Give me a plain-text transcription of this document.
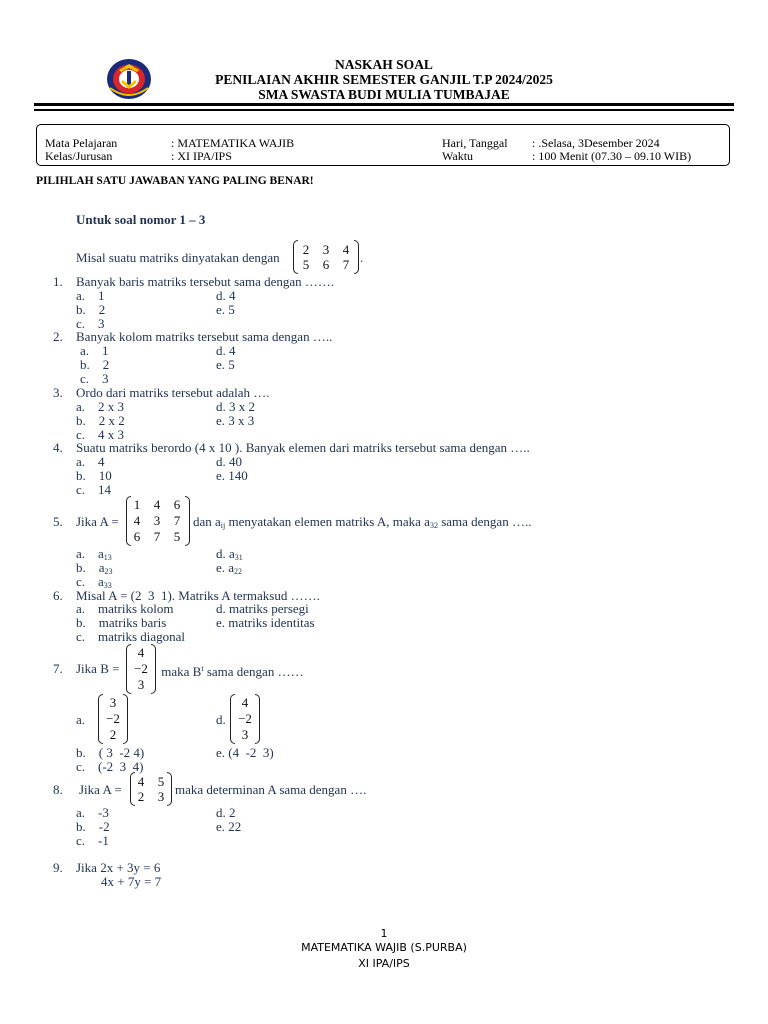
NASKAH SOAL
PENILAIAN AKHIR SEMESTER GANJIL T.P 2024/2025
SMA SWASTA BUDI MULIA TUMBAJAE
Mata Pelajaran	: MATEMATIKA WAJIB
Kelas/Jurusan	: XI IPA/IPS
Hari, Tanggal : .Selasa, 3Desember 2024
Waktu	: 100 Menit (07.30 – 09.10 WIB)
PILIHLAH SATU JAWABAN YANG PALING BENAR!
Untuk soal nomor 1 – 3
Misal suatu matriks dinyatakan dengan
2 3 4
5 6 7 .
1. Banyak baris matriks tersebut sama dengan …….
a.    1
b.    2
c.    3
d. 4
e. 5
2. Banyak kolom matriks tersebut sama dengan …..
a.    1
b.    2
c.    3
d. 4
e. 5
3. Ordo dari matriks tersebut adalah ….
a.    2 x 3
b.    2 x 2
c.    4 x 3
d. 3 x 2
e. 3 x 3
4. Suatu matriks berordo (4 x 10 ). Banyak elemen dari matriks tersebut sama dengan …..
a.    4
b.    10
c.    14
d. 40
e. 140
5. Jika A =
1 4 6
4 3 7
6 7 5
dan $a_{ij}$ menyatakan elemen matriks A, maka $a_{32}$ sama dengan …..
a.    $a_{13}$
b.    $a_{23}$
c.    $a_{33}$
d. $a_{31}$
e. $a_{22}$
6. Misal A = (2  3  1). Matriks A termaksud …….
a.    matriks kolom
b.    matriks baris
c.    matriks diagonal
d. matriks persegi
e. matriks identitas
7. Jika B =
4
−2
3
maka $B^t$ sama dengan ……
a.
3
−2
2
d.
4
−2
3
b.    ( 3  -2 4)
c.    (-2  3  4)
e. (4  -2  3)
8. Jika A =
4 5
2 3 maka determinan A sama dengan ….
a.    -3
b.    -2
c.    -1
d. 2
e. 22
9. Jika 2x + 3y = 6
4x + 7y = 7
1
MATEMATIKA WAJIB (S.PURBA)
XI IPA/IPS
